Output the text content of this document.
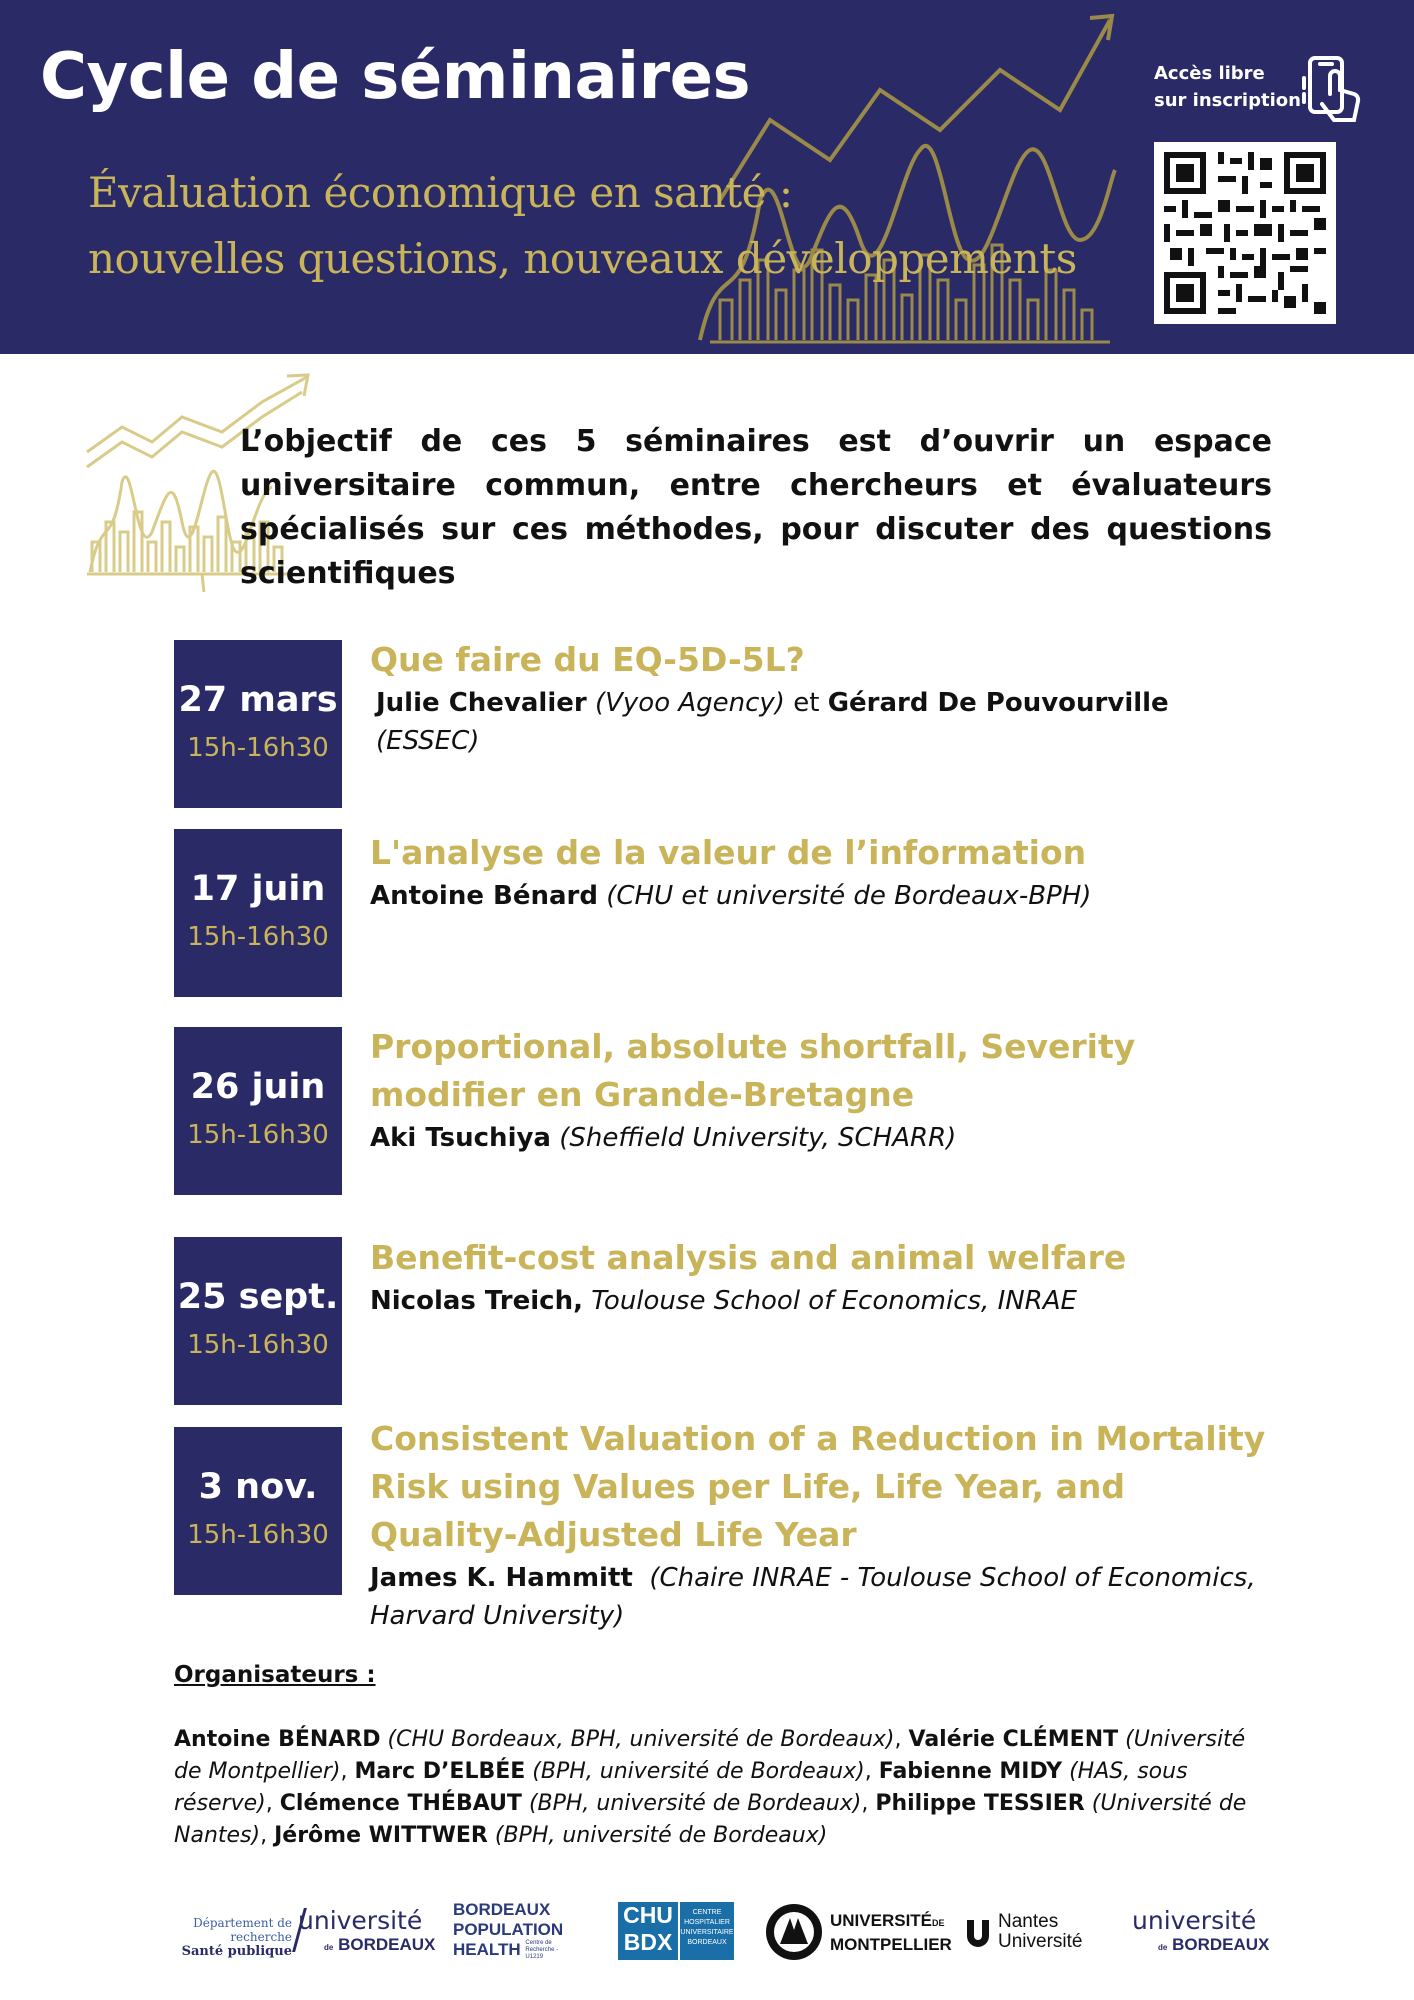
Cycle de séminaires
Évaluation économique en santé :
nouvelles questions, nouveaux développements
Accès libre
sur inscription
L’objectif de ces 5 séminaires est d’ouvrir un espace universitaire commun, entre chercheurs et évaluateurs spécialisés sur ces méthodes, pour discuter des questions scientifiques
27 mars
15h-16h30
Que faire du EQ-5D-5L?
Julie Chevalier (Vyoo Agency) et Gérard De Pouvourville (ESSEC)
17 juin
15h-16h30
L'analyse de la valeur de l’information
Antoine Bénard (CHU et université de Bordeaux-BPH)
26 juin
15h-16h30
Proportional, absolute shortfall, Severity
modifier en Grande-Bretagne
Aki Tsuchiya (Sheffield University, SCHARR)
25 sept.
15h-16h30
Benefit-cost analysis and animal welfare
Nicolas Treich, Toulouse School of Economics, INRAE
3 nov.
15h-16h30
Consistent Valuation of a Reduction in Mortality
Risk using Values per Life, Life Year, and
Quality-Adjusted Life Year
James K. Hammitt (Chaire INRAE - Toulouse School of Economics,
Harvard University)
Organisateurs :
Antoine BÉNARD (CHU Bordeaux, BPH, université de Bordeaux), Valérie CLÉMENT (Université de Montpellier), Marc D’ELBÉE (BPH, université de Bordeaux), Fabienne MIDY (HAS, sous réserve), Clémence THÉBAUT (BPH, université de Bordeaux), Philippe TESSIER (Université de Nantes), Jérôme WITTWER (BPH, université de Bordeaux)
Département de recherche
Santé publique
université
de BORDEAUX
BORDEAUX
POPULATION
HEALTH Centre de Recherche - U1219
CHU
BDX
CENTRE
HOSPITALIER
UNIVERSITAIRE
BORDEAUX
UNIVERSITÉDE
MONTPELLIER
Nantes
Université
université
de BORDEAUX
